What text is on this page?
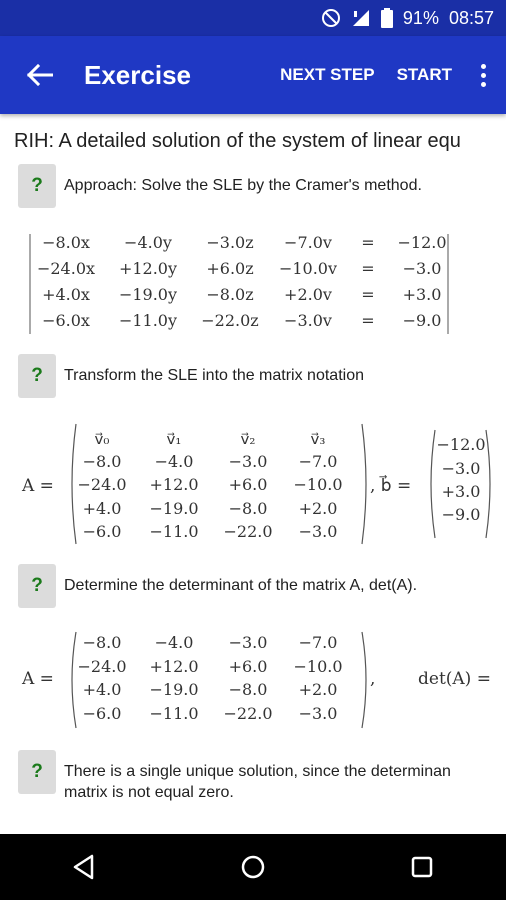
91% 08:57
Exercise	NEXT STEP START
RIH: A detailed solution of the system of linear equ
?	Approach: Solve the SLE by the Cramer's method.
?	Transform the SLE into the matrix notation
?	Determine the determinant of the matrix A, det(A).
?	There is a single unique solution, since the determinan
matrix is not equal zero.
−8.0x −4.0y −3.0z −7.0v = −12.0
−24.0x +12.0y +6.0z −10.0v = −3.0
+4.0x −19.0y −8.0z +2.0v = +3.0
−6.0x −11.0y −22.0z −3.0v = −9.0
A =
v⃗₀	v⃗₁	v⃗₂	v⃗₃
−8.0 −4.0 −3.0 −7.0
−24.0 +12.0 +6.0 −10.0
+4.0 −19.0 −8.0 +2.0
−6.0 −11.0 −22.0 −3.0
, b⃗ =
−12.0
−3.0
+3.0
−9.0
A =
−8.0 −4.0 −3.0 −7.0
−24.0 +12.0 +6.0 −10.0
+4.0 −19.0 −8.0 +2.0
−6.0 −11.0 −22.0 −3.0
,	det(A) =
